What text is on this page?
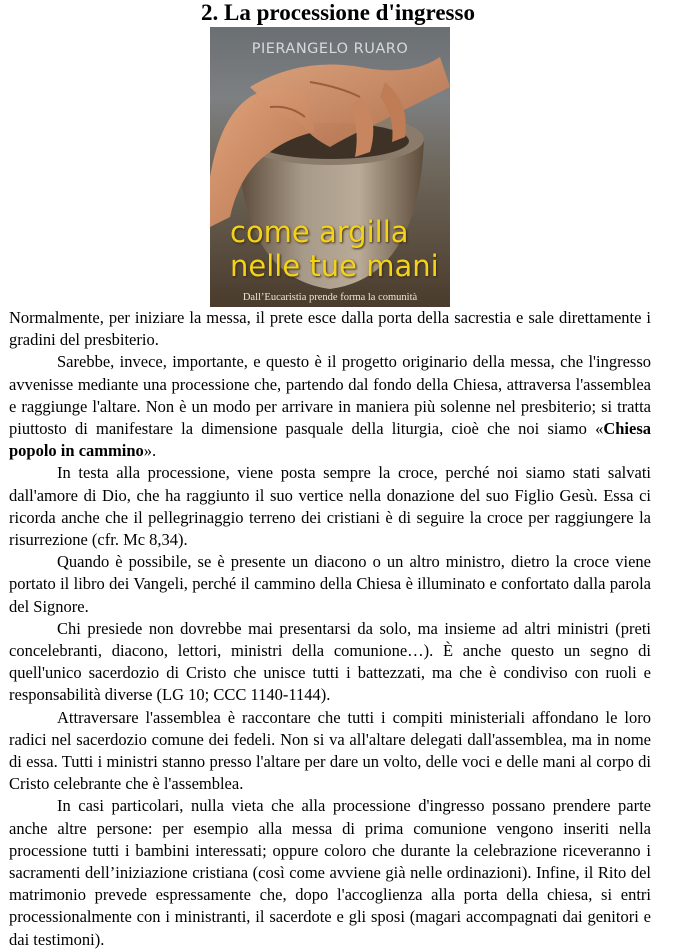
2. La processione d'ingresso
PIERANGELO RUARO
come argilla
nelle tue mani
Dall’Eucaristia prende forma la comunità

Normalmente, per iniziare la messa, il prete esce dalla porta della sacrestia e sale direttamente i gradini del presbiterio.

Sarebbe, invece, importante, e questo è il progetto originario della messa, che l'ingresso avvenisse mediante una processione che, partendo dal fondo della Chiesa, attraversa l'assemblea e raggiunge l'altare. Non è un modo per arrivare in maniera più solenne nel presbiterio; si tratta piuttosto di manifestare la dimensione pasquale della liturgia, cioè che noi siamo «Chiesa popolo in cammino».

In testa alla processione, viene posta sempre la croce, perché noi siamo stati salvati dall'amore di Dio, che ha raggiunto il suo vertice nella donazione del suo Figlio Gesù. Essa ci ricorda anche che il pellegrinaggio terreno dei cristiani è di seguire la croce per raggiungere la risurrezione (cfr. Mc 8,34).

Quando è possibile, se è presente un diacono o un altro ministro, dietro la croce viene portato il libro dei Vangeli, perché il cammino della Chiesa è illuminato e confortato dalla parola del Signore.

Chi presiede non dovrebbe mai presentarsi da solo, ma insieme ad altri ministri (preti concelebranti, diacono, lettori, ministri della comunione…). È anche questo un segno di quell'unico sacerdozio di Cristo che unisce tutti i battezzati, ma che è condiviso con ruoli e responsabilità diverse (LG 10; CCC 1140-1144).

Attraversare l'assemblea è raccontare che tutti i compiti ministeriali affondano le loro radici nel sacerdozio comune dei fedeli. Non si va all'altare delegati dall'assemblea, ma in nome di essa. Tutti i ministri stanno presso l'altare per dare un volto, delle voci e delle mani al corpo di Cristo celebrante che è l'assemblea.

In casi particolari, nulla vieta che alla processione d'ingresso possano prendere parte anche altre persone: per esempio alla messa di prima comunione vengono inseriti nella processione tutti i bambini interessati; oppure coloro che durante la celebrazione riceveranno i sacramenti dell’iniziazione cristiana (così come avviene già nelle ordinazioni). Infine, il Rito del matrimonio prevede espressamente che, dopo l'accoglienza alla porta della chiesa, si entri processionalmente con i ministranti, il sacerdote e gli sposi (magari accompagnati dai genitori e dai testimoni).
